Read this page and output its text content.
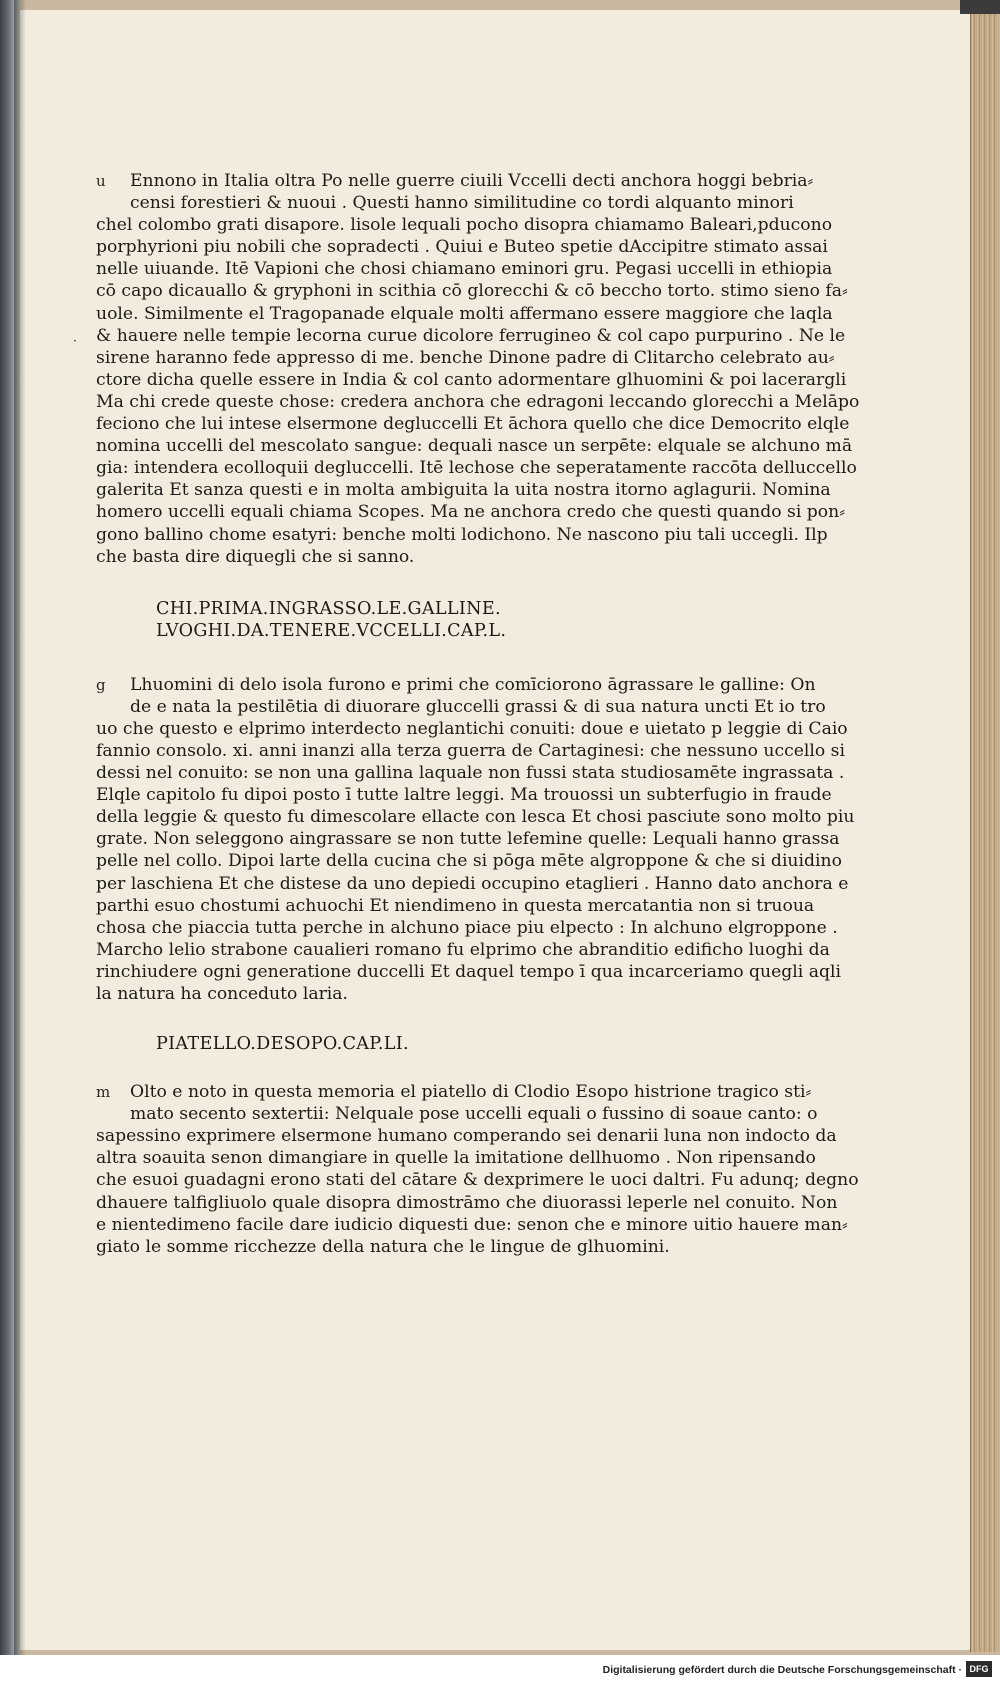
·
u	Ennono in Italia oltra Po nelle guerre ciuili Vccelli decti anchora hoggi bebria⸗
censi forestieri & nuoui . Questi hanno similitudine co tordi alquanto minori
chel colombo grati disapore. lisole lequali pocho disopra chiamamo Baleari,pducono
porphyrioni piu nobili che sopradecti . Quiui e Buteo spetie dAccipitre stimato assai
nelle uiuande. Itē Vapioni che chosi chiamano eminori gru. Pegasi uccelli in ethiopia
cō capo dicauallo & gryphoni in scithia cō glorecchi & cō beccho torto. stimo sieno fa⸗
uole. Similmente el Tragopanade elquale molti affermano essere maggiore che laqla
& hauere nelle tempie lecorna curue dicolore ferrugineo & col capo purpurino . Ne le
sirene haranno fede appresso di me. benche Dinone padre di Clitarcho celebrato au⸗
ctore dicha quelle essere in India & col canto adormentare glhuomini & poi lacerargli
Ma chi crede queste chose: credera anchora che edragoni leccando glorecchi a Melāpo
feciono che lui intese elsermone degluccelli Et āchora quello che dice Democrito elqle
nomina uccelli del mescolato sangue: dequali nasce un serpēte: elquale se alchuno mā
gia: intendera ecolloquii degluccelli. Itē lechose che seperatamente raccōta delluccello
galerita Et sanza questi e in molta ambiguita la uita nostra itorno aglagurii. Nomina
homero uccelli equali chiama Scopes. Ma ne anchora credo che questi quando si pon⸗
gono ballino chome esatyri: benche molti lodichono. Ne nascono piu tali uccegli. Ilp
che basta dire diquegli che si sanno.
CHI.PRIMA.INGRASSO.LE.GALLINE.
LVOGHI.DA.TENERE.VCCELLI.CAP.L.
g	Lhuomini di delo isola furono e primi che comīciorono āgrassare le galline: On
de e nata la pestilētia di diuorare gluccelli grassi & di sua natura uncti Et io tro
uo che questo e elprimo interdecto neglantichi conuiti: doue e uietato p leggie di Caio
fannio consolo. xi. anni inanzi alla terza guerra de Cartaginesi: che nessuno uccello si
dessi nel conuito: se non una gallina laquale non fussi stata studiosamēte ingrassata .
Elqle capitolo fu dipoi posto ī tutte laltre leggi. Ma trouossi un subterfugio in fraude
della leggie & questo fu dimescolare ellacte con lesca Et chosi pasciute sono molto piu
grate. Non seleggono aingrassare se non tutte lefemine quelle: Lequali hanno grassa
pelle nel collo. Dipoi larte della cucina che si pōga mēte algroppone & che si diuidino
per laschiena Et che distese da uno depiedi occupino etaglieri . Hanno dato anchora e
parthi esuo chostumi achuochi Et niendimeno in questa mercatantia non si truoua
chosa che piaccia tutta perche in alchuno piace piu elpecto : In alchuno elgroppone .
Marcho lelio strabone caualieri romano fu elprimo che abranditio edificho luoghi da
rinchiudere ogni generatione duccelli Et daquel tempo ī qua incarceriamo quegli aqli
la natura ha conceduto laria.
PIATELLO.DESOPO.CAP.LI.
m	Olto e noto in questa memoria el piatello di Clodio Esopo histrione tragico sti⸗
mato secento sextertii: Nelquale pose uccelli equali o fussino di soaue canto: o
sapessino exprimere elsermone humano comperando sei denarii luna non indocto da
altra soauita senon dimangiare in quelle la imitatione dellhuomo . Non ripensando
che esuoi guadagni erono stati del cātare & dexprimere le uoci daltri. Fu adunq; degno
dhauere talfigliuolo quale disopra dimostrāmo che diuorassi leperle nel conuito. Non
e nientedimeno facile dare iudicio diquesti due: senon che e minore uitio hauere man⸗
giato le somme ricchezze della natura che le lingue de glhuomini.
Digitalisierung gefördert durch die Deutsche Forschungsgemeinschaft · DFG
